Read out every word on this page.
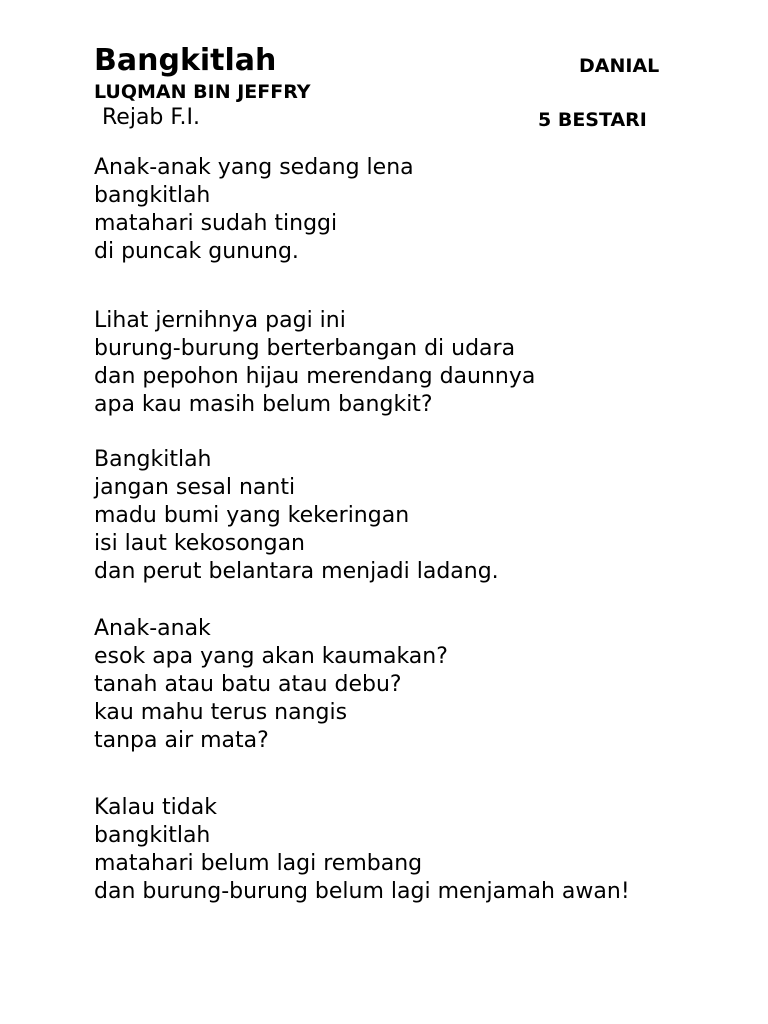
Bangkitlah	DANIAL
LUQMAN BIN JEFFRY
Rejab F.I.	5 BESTARI
Anak-anak yang sedang lena
bangkitlah
matahari sudah tinggi
di puncak gunung.
Lihat jernihnya pagi ini
burung-burung berterbangan di udara
dan pepohon hijau merendang daunnya
apa kau masih belum bangkit?
Bangkitlah
jangan sesal nanti
madu bumi yang kekeringan
isi laut kekosongan
dan perut belantara menjadi ladang.
Anak-anak
esok apa yang akan kaumakan?
tanah atau batu atau debu?
kau mahu terus nangis
tanpa air mata?
Kalau tidak
bangkitlah
matahari belum lagi rembang
dan burung-burung belum lagi menjamah awan!
